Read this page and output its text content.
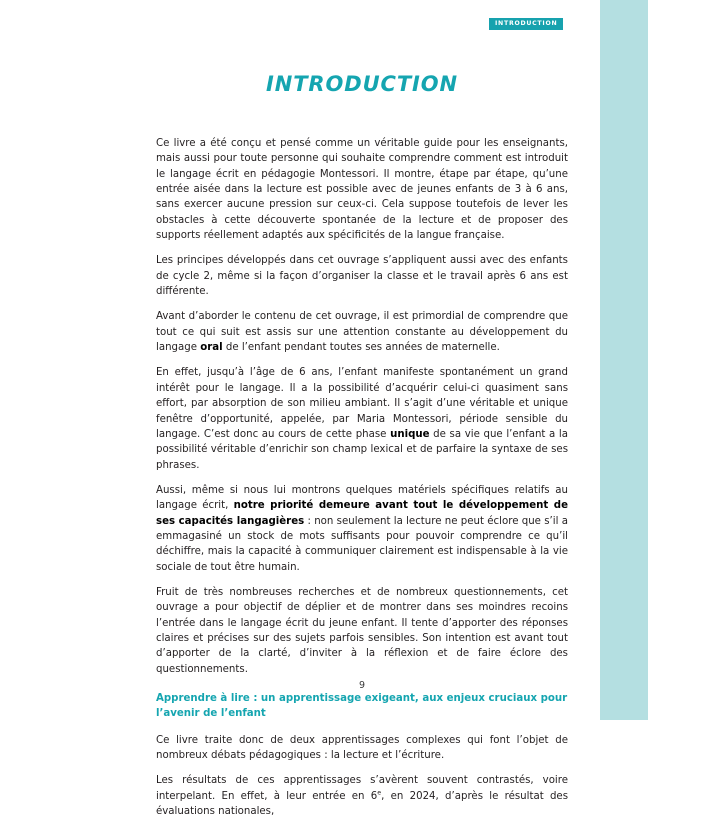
INTRODUCTION
INTRODUCTION

Ce livre a été conçu et pensé comme un véritable guide pour les enseignants, mais aussi pour toute personne qui souhaite comprendre comment est introduit le langage écrit en pédagogie Montessori. Il montre, étape par étape, qu’une entrée aisée dans la lecture est possible avec de jeunes enfants de 3 à 6 ans, sans exercer aucune pression sur ceux-ci. Cela suppose toutefois de lever les obstacles à cette découverte spontanée de la lecture et de proposer des supports réellement adaptés aux spécificités de la langue française.

Les principes développés dans cet ouvrage s’appliquent aussi avec des enfants de cycle 2, même si la façon d’organiser la classe et le travail après 6 ans est différente.

Avant d’aborder le contenu de cet ouvrage, il est primordial de comprendre que tout ce qui suit est assis sur une attention constante au développement du langage oral de l’enfant pendant toutes ses années de maternelle.

En effet, jusqu’à l’âge de 6 ans, l’enfant manifeste spontanément un grand intérêt pour le langage. Il a la possibilité d’acquérir celui-ci quasiment sans effort, par absorption de son milieu ambiant. Il s’agit d’une véritable et unique fenêtre d’opportunité, appelée, par Maria Montessori, période sensible du langage. C’est donc au cours de cette phase unique de sa vie que l’enfant a la possibilité véritable d’enrichir son champ lexical et de parfaire la syntaxe de ses phrases.

Aussi, même si nous lui montrons quelques matériels spécifiques relatifs au langage écrit, notre priorité demeure avant tout le développement de ses capacités langagières : non seulement la lecture ne peut éclore que s’il a emmagasiné un stock de mots suffisants pour pouvoir comprendre ce qu’il déchiffre, mais la capacité à communiquer clairement est indispensable à la vie sociale de tout être humain.

Fruit de très nombreuses recherches et de nombreux questionnements, cet ouvrage a pour objectif de déplier et de montrer dans ses moindres recoins l’entrée dans le langage écrit du jeune enfant. Il tente d’apporter des réponses claires et précises sur des sujets parfois sensibles. Son intention est avant tout d’apporter de la clarté, d’inviter à la réflexion et de faire éclore des questionnements.

Apprendre à lire : un apprentissage exigeant, aux enjeux cruciaux pour l’avenir de l’enfant

Ce livre traite donc de deux apprentissages complexes qui font l’objet de nombreux débats pédagogiques : la lecture et l’écriture.

Les résultats de ces apprentissages s’avèrent souvent contrastés, voire interpelant. En effet, à leur entrée en 6e, en 2024, d’après le résultat des évaluations nationales,

9
